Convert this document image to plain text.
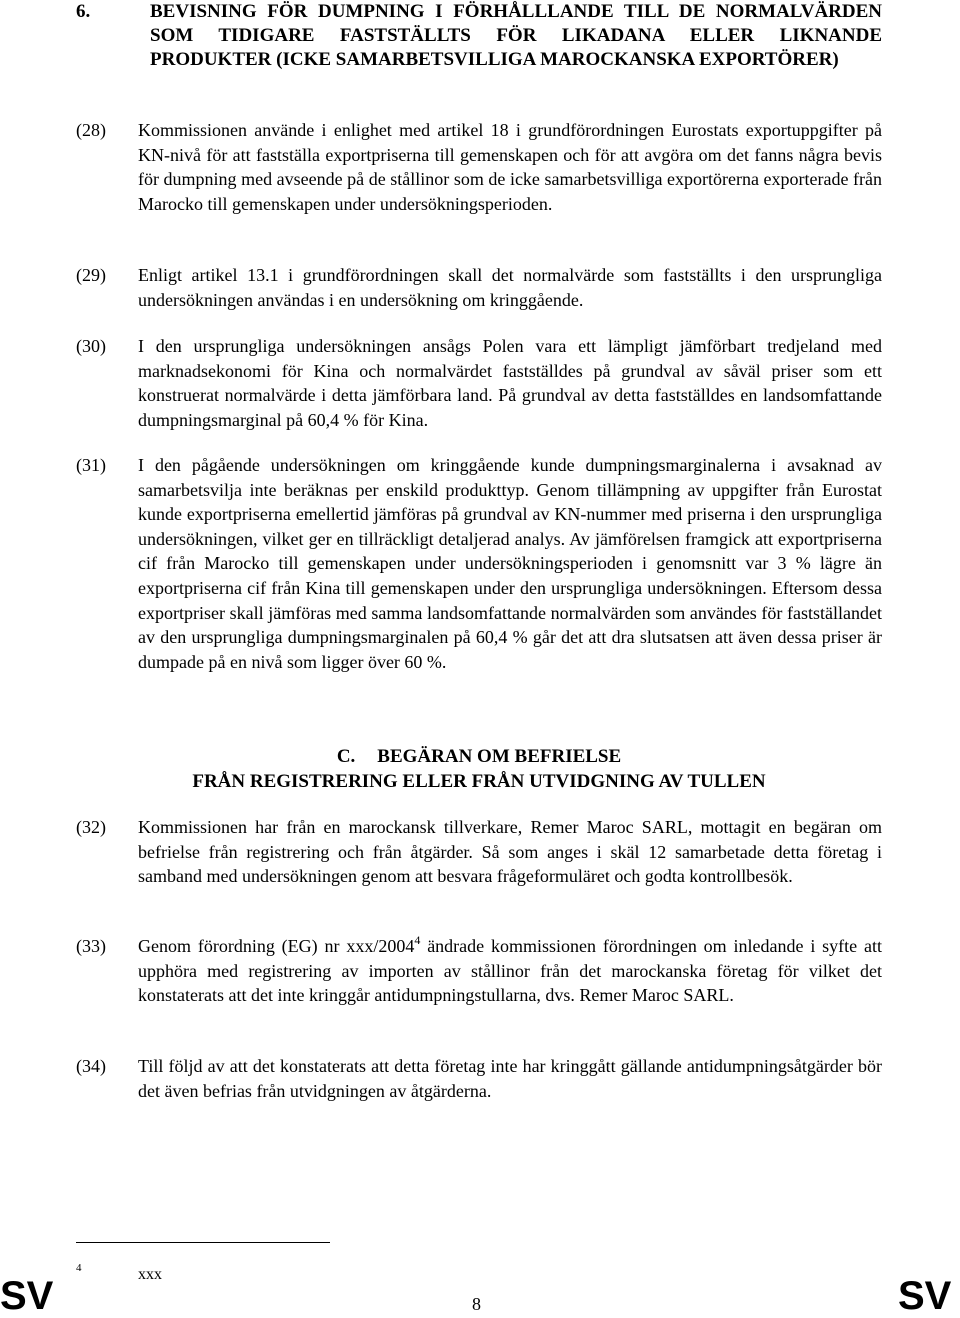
6.	BEVISNING FÖR DUMPNING I FÖRHÅLLLANDE TILL DE NORMALVÄRDEN SOM TIDIGARE FASTSTÄLLTS FÖR LIKADANA ELLER LIKNANDE PRODUKTER (ICKE SAMARBETSVILLIGA MAROCKANSKA EXPORTÖRER)
(28) Kommissionen använde i enlighet med artikel 18 i grundförordningen Eurostats exportuppgifter på KN-nivå för att fastställa exportpriserna till gemenskapen och för att avgöra om det fanns några bevis för dumpning med avseende på de stållinor som de icke samarbetsvilliga exportörerna exporterade från Marocko till gemenskapen under undersökningsperioden.
(29) Enligt artikel 13.1 i grundförordningen skall det normalvärde som fastställts i den ursprungliga undersökningen användas i en undersökning om kringgående.
(30) I den ursprungliga undersökningen ansågs Polen vara ett lämpligt jämförbart tredjeland med marknadsekonomi för Kina och normalvärdet fastställdes på grundval av såväl priser som ett konstruerat normalvärde i detta jämförbara land. På grundval av detta fastställdes en landsomfattande dumpningsmarginal på 60,4 % för Kina.
(31) I den pågående undersökningen om kringgående kunde dumpningsmarginalerna i avsaknad av samarbetsvilja inte beräknas per enskild produkttyp. Genom tillämpning av uppgifter från Eurostat kunde exportpriserna emellertid jämföras på grundval av KN-nummer med priserna i den ursprungliga undersökningen, vilket ger en tillräckligt detaljerad analys. Av jämförelsen framgick att exportpriserna cif från Marocko till gemenskapen under undersökningsperioden i genomsnitt var 3 % lägre än exportpriserna cif från Kina till gemenskapen under den ursprungliga undersökningen. Eftersom dessa exportpriser skall jämföras med samma landsomfattande normalvärden som användes för fastställandet av den ursprungliga dumpningsmarginalen på 60,4 % går det att dra slutsatsen att även dessa priser är dumpade på en nivå som ligger över 60 %.
C. BEGÄRAN OM BEFRIELSE
FRÅN REGISTRERING ELLER FRÅN UTVIDGNING AV TULLEN
(32) Kommissionen har från en marockansk tillverkare, Remer Maroc SARL, mottagit en begäran om befrielse från registrering och från åtgärder. Så som anges i skäl 12 samarbetade detta företag i samband med undersökningen genom att besvara frågeformuläret och godta kontrollbesök.
(33) Genom förordning (EG) nr xxx/2004$^4$ ändrade kommissionen förordningen om inledande i syfte att upphöra med registrering av importen av stållinor från det marockanska företag för vilket det konstaterats att det inte kringgår antidumpningstullarna, dvs. Remer Maroc SARL.
(34) Till följd av att det konstaterats att detta företag inte har kringgått gällande antidumpningsåtgärder bör det även befrias från utvidgningen av åtgärderna.
4	xxx
SV	8	SV
